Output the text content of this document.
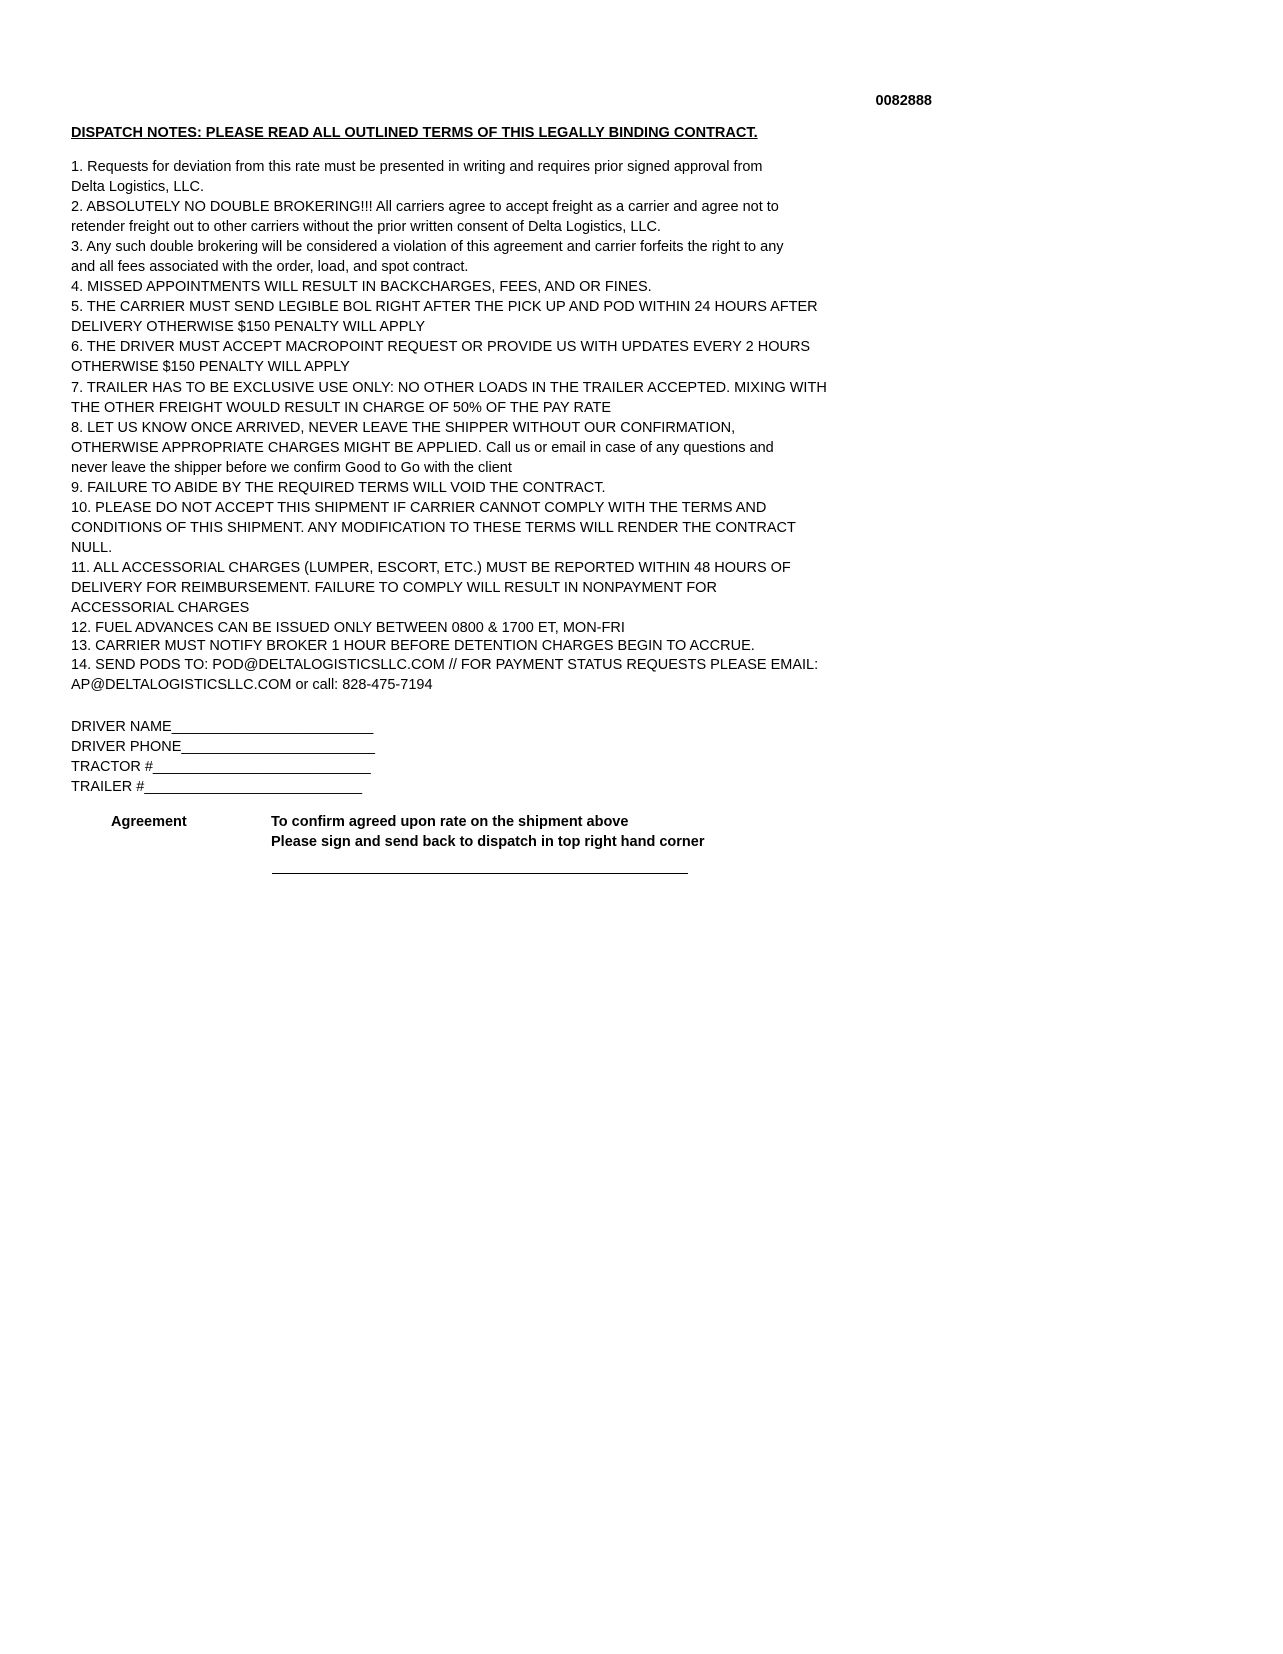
0082888
DISPATCH NOTES: PLEASE READ ALL OUTLINED TERMS OF THIS LEGALLY BINDING CONTRACT.
1. Requests for deviation from this rate must be presented in writing and requires prior signed approval from
Delta Logistics, LLC.
2. ABSOLUTELY NO DOUBLE BROKERING!!! All carriers agree to accept freight as a carrier and agree not to
retender freight out to other carriers without the prior written consent of Delta Logistics, LLC.
3. Any such double brokering will be considered a violation of this agreement and carrier forfeits the right to any
and all fees associated with the order, load, and spot contract.
4. MISSED APPOINTMENTS WILL RESULT IN BACKCHARGES, FEES, AND OR FINES.
5. THE CARRIER MUST SEND LEGIBLE BOL RIGHT AFTER THE PICK UP AND POD WITHIN 24 HOURS AFTER
DELIVERY OTHERWISE $150 PENALTY WILL APPLY
6. THE DRIVER MUST ACCEPT MACROPOINT REQUEST OR PROVIDE US WITH UPDATES EVERY 2 HOURS
OTHERWISE $150 PENALTY WILL APPLY
7. TRAILER HAS TO BE EXCLUSIVE USE ONLY: NO OTHER LOADS IN THE TRAILER ACCEPTED. MIXING WITH
THE OTHER FREIGHT WOULD RESULT IN CHARGE OF 50% OF THE PAY RATE
8. LET US KNOW ONCE ARRIVED, NEVER LEAVE THE SHIPPER WITHOUT OUR CONFIRMATION,
OTHERWISE APPROPRIATE CHARGES MIGHT BE APPLIED. Call us or email in case of any questions and
never leave the shipper before we confirm Good to Go with the client
9. FAILURE TO ABIDE BY THE REQUIRED TERMS WILL VOID THE CONTRACT.
10. PLEASE DO NOT ACCEPT THIS SHIPMENT IF CARRIER CANNOT COMPLY WITH THE TERMS AND
CONDITIONS OF THIS SHIPMENT. ANY MODIFICATION TO THESE TERMS WILL RENDER THE CONTRACT
NULL.
11. ALL ACCESSORIAL CHARGES (LUMPER, ESCORT, ETC.) MUST BE REPORTED WITHIN 48 HOURS OF
DELIVERY FOR REIMBURSEMENT. FAILURE TO COMPLY WILL RESULT IN NONPAYMENT FOR
ACCESSORIAL CHARGES
12. FUEL ADVANCES CAN BE ISSUED ONLY BETWEEN 0800 & 1700 ET, MON-FRI
13. CARRIER MUST NOTIFY BROKER 1 HOUR BEFORE DETENTION CHARGES BEGIN TO ACCRUE.
14. SEND PODS TO: POD@DELTALOGISTICSLLC.COM // FOR PAYMENT STATUS REQUESTS PLEASE EMAIL:
AP@DELTALOGISTICSLLC.COM or call: 828-475-7194
DRIVER NAME_________________________
DRIVER PHONE________________________
TRACTOR #___________________________
TRAILER #___________________________
Agreement	To confirm agreed upon rate on the shipment above
Please sign and send back to dispatch in top right hand corner
